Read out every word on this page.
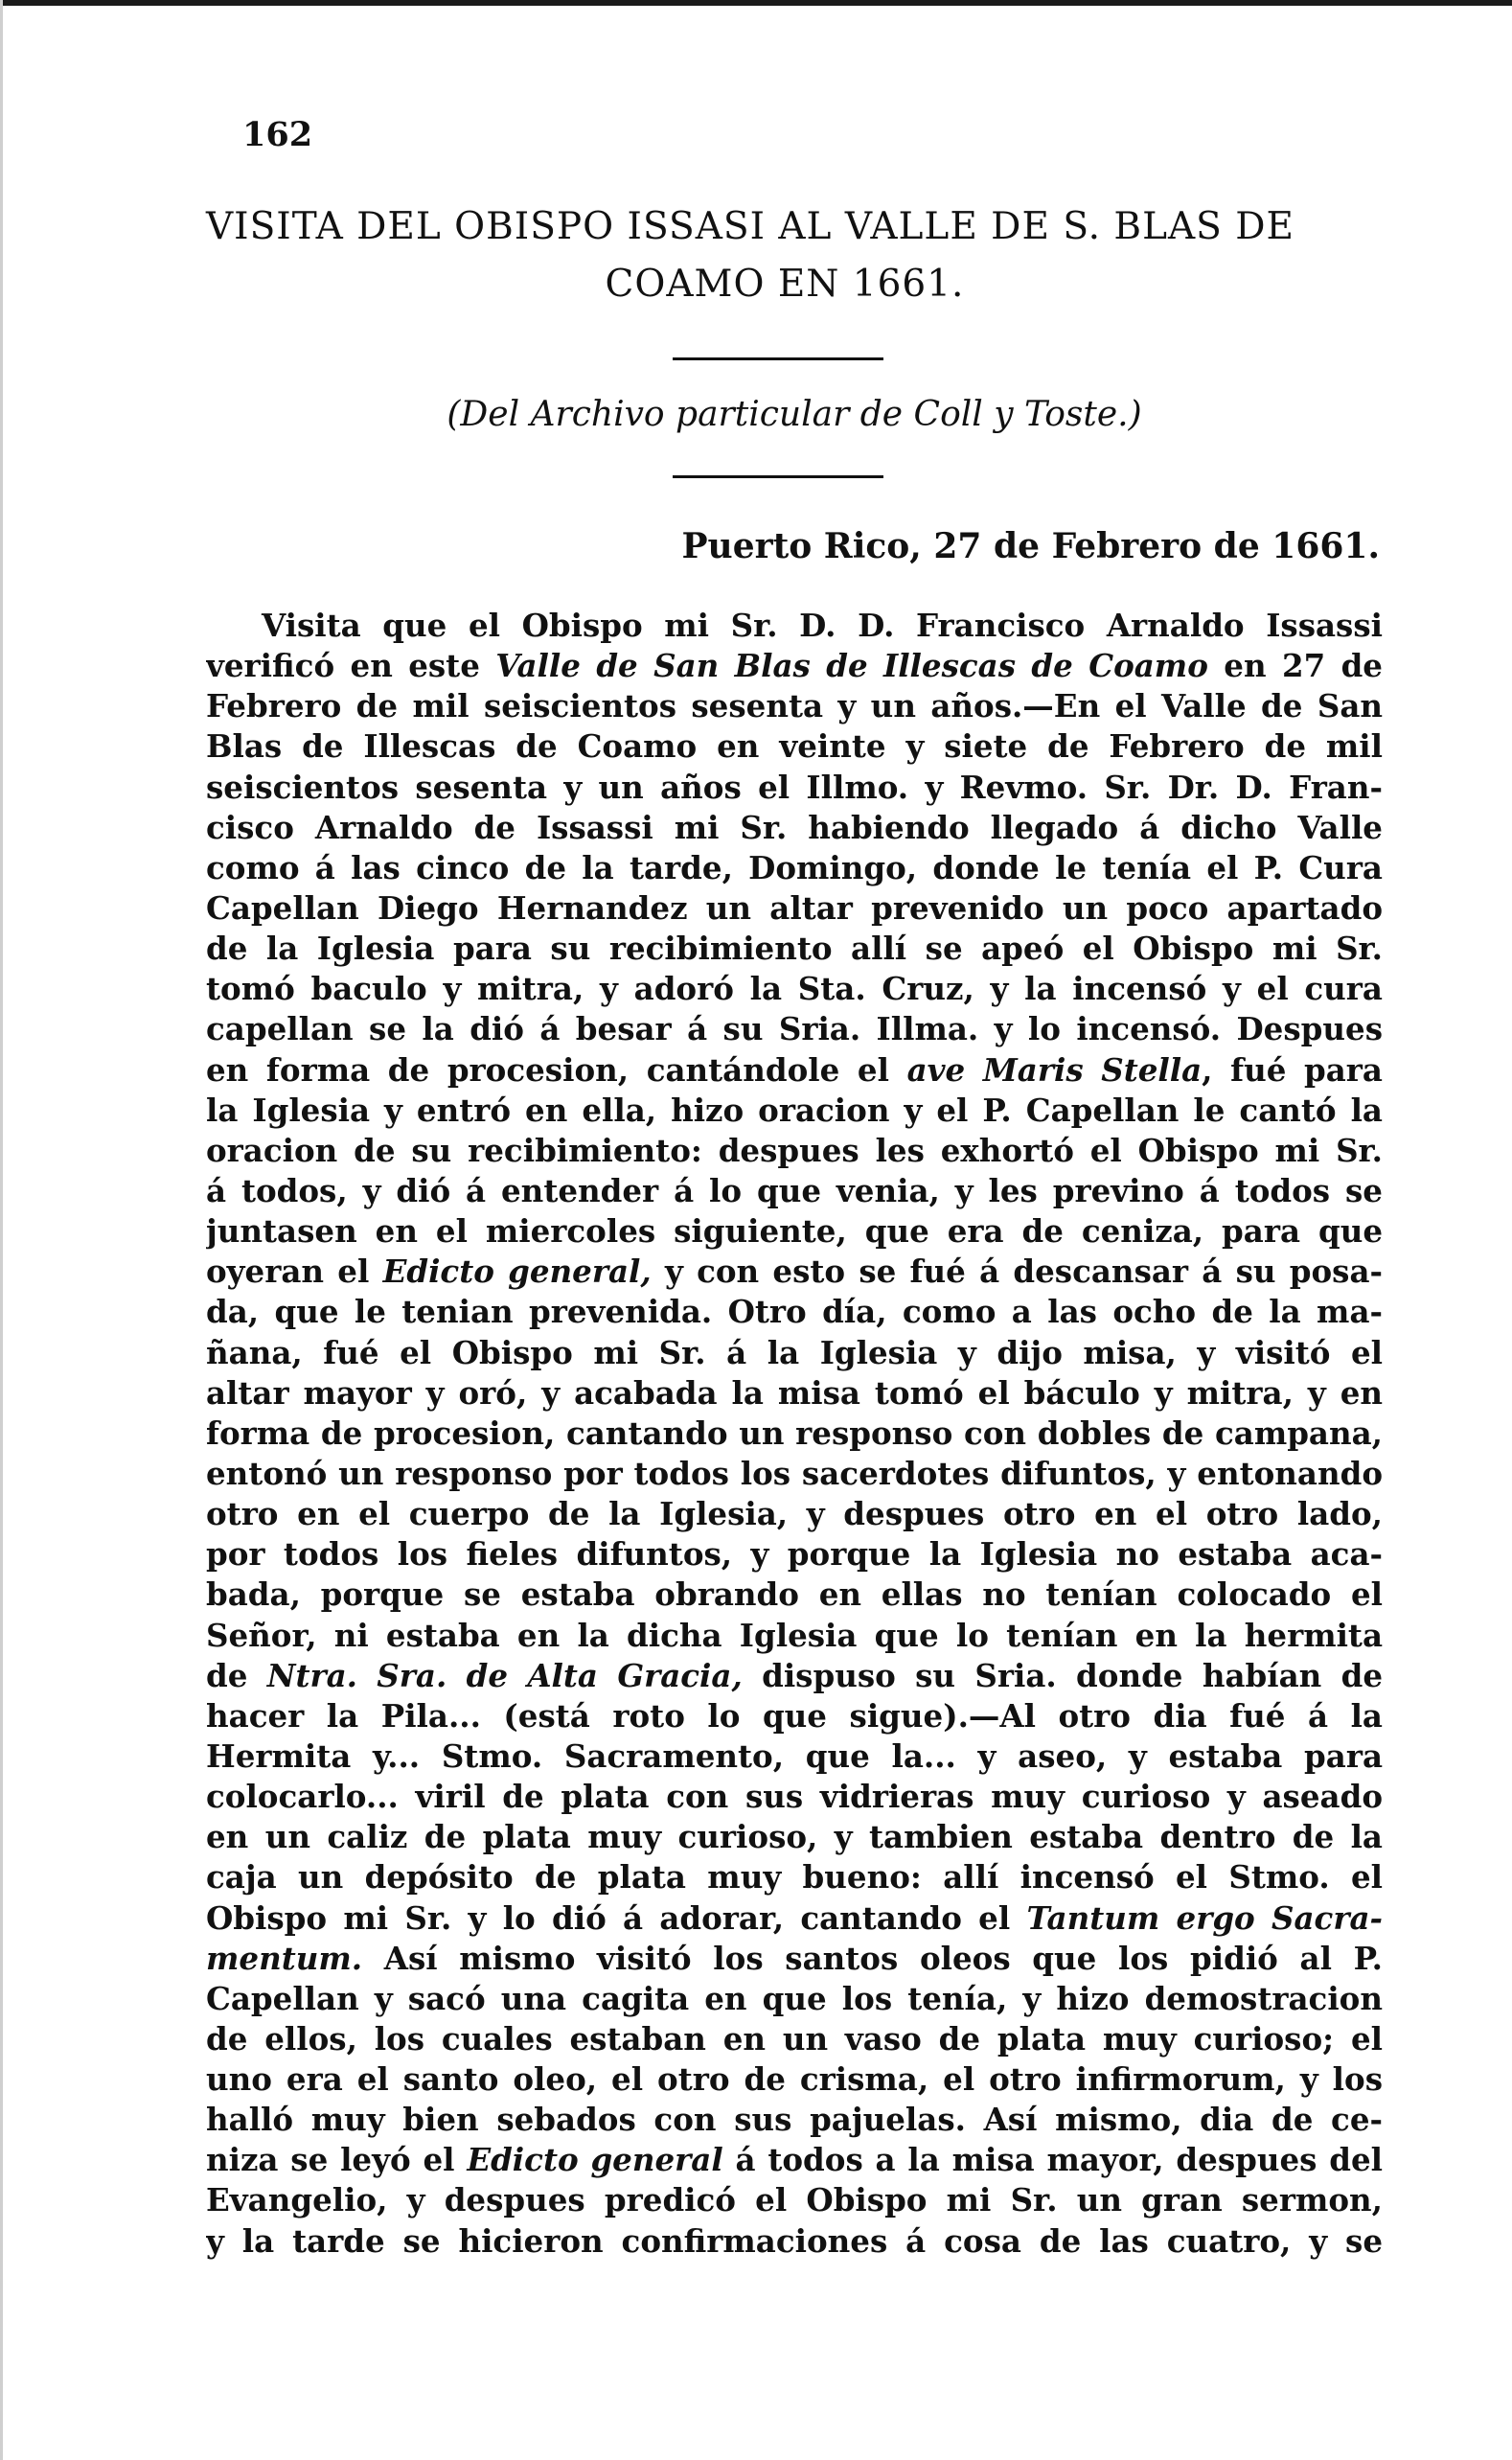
162

VISITA DEL OBISPO ISSASI AL VALLE DE S. BLAS DE
COAMO EN 1661.

(Del Archivo particular de Coll y Toste.)

Puerto Rico, 27 de Febrero de 1661.

Visita que el Obispo mi Sr. D. D. Francisco Arnaldo Issassi
verificó en este Valle de San Blas de Illescas de Coamo en 27 de
Febrero de mil seiscientos sesenta y un años.—En el Valle de San
Blas de Illescas de Coamo en veinte y siete de Febrero de mil
seiscientos sesenta y un años el Illmo. y Revmo. Sr. Dr. D. Fran-
cisco Arnaldo de Issassi mi Sr. habiendo llegado á dicho Valle
como á las cinco de la tarde, Domingo, donde le tenía el P. Cura
Capellan Diego Hernandez un altar prevenido un poco apartado
de la Iglesia para su recibimiento allí se apeó el Obispo mi Sr.
tomó baculo y mitra, y adoró la Sta. Cruz, y la incensó y el cura
capellan se la dió á besar á su Sria. Illma. y lo incensó. Despues
en forma de procesion, cantándole el ave Maris Stella, fué para
la Iglesia y entró en ella, hizo oracion y el P. Capellan le cantó la
oracion de su recibimiento: despues les exhortó el Obispo mi Sr.
á todos, y dió á entender á lo que venia, y les previno á todos se
juntasen en el miercoles siguiente, que era de ceniza, para que
oyeran el Edicto general, y con esto se fué á descansar á su posa-
da, que le tenian prevenida. Otro día, como a las ocho de la ma-
ñana, fué el Obispo mi Sr. á la Iglesia y dijo misa, y visitó el
altar mayor y oró, y acabada la misa tomó el báculo y mitra, y en
forma de procesion, cantando un responso con dobles de campana,
entonó un responso por todos los sacerdotes difuntos, y entonando
otro en el cuerpo de la Iglesia, y despues otro en el otro lado,
por todos los fieles difuntos, y porque la Iglesia no estaba aca-
bada, porque se estaba obrando en ellas no tenían colocado el
Señor, ni estaba en la dicha Iglesia que lo tenían en la hermita
de Ntra. Sra. de Alta Gracia, dispuso su Sria. donde habían de
hacer la Pila... (está roto lo que sigue).—Al otro dia fué á la
Hermita y... Stmo. Sacramento, que la... y aseo, y estaba para
colocarlo... viril de plata con sus vidrieras muy curioso y aseado
en un caliz de plata muy curioso, y tambien estaba dentro de la
caja un depósito de plata muy bueno: allí incensó el Stmo. el
Obispo mi Sr. y lo dió á adorar, cantando el Tantum ergo Sacra-
mentum. Así mismo visitó los santos oleos que los pidió al P.
Capellan y sacó una cagita en que los tenía, y hizo demostracion
de ellos, los cuales estaban en un vaso de plata muy curioso; el
uno era el santo oleo, el otro de crisma, el otro infirmorum, y los
halló muy bien sebados con sus pajuelas. Así mismo, dia de ce-
niza se leyó el Edicto general á todos a la misa mayor, despues del
Evangelio, y despues predicó el Obispo mi Sr. un gran sermon,
y la tarde se hicieron confirmaciones á cosa de las cuatro, y se
